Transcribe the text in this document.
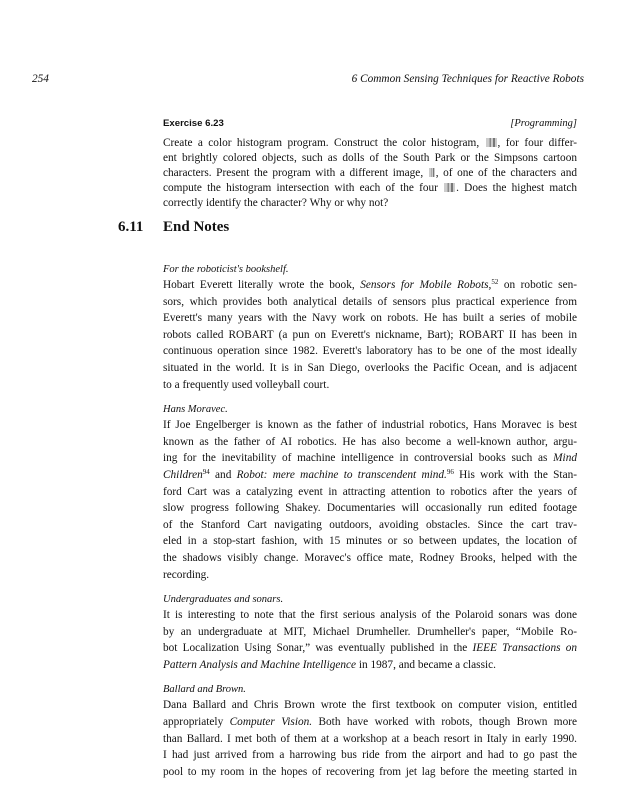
254	6 Common Sensing Techniques for Reactive Robots
Exercise 6.23	[Programming]
Create a color histogram program. Construct the color histogram, , for four differ-
ent brightly colored objects, such as dolls of the South Park or the Simpsons cartoon
characters. Present the program with a different image, , of one of the characters and
compute the histogram intersection with each of the four . Does the highest match
correctly identify the character? Why or why not?
6.11 End Notes
For the roboticist's bookshelf.
Hobart Everett literally wrote the book, Sensors for Mobile Robots,$^{52}$ on robotic sen-
sors, which provides both analytical details of sensors plus practical experience from
Everett's many years with the Navy work on robots. He has built a series of mobile
robots called ROBART (a pun on Everett's nickname, Bart); ROBART II has been in
continuous operation since 1982. Everett's laboratory has to be one of the most ideally
situated in the world. It is in San Diego, overlooks the Pacific Ocean, and is adjacent
to a frequently used volleyball court.
Hans Moravec.
If Joe Engelberger is known as the father of industrial robotics, Hans Moravec is best
known as the father of AI robotics. He has also become a well-known author, argu-
ing for the inevitability of machine intelligence in controversial books such as Mind
Children$^{94}$ and Robot: mere machine to transcendent mind.$^{96}$ His work with the Stan-
ford Cart was a catalyzing event in attracting attention to robotics after the years of
slow progress following Shakey. Documentaries will occasionally run edited footage
of the Stanford Cart navigating outdoors, avoiding obstacles. Since the cart trav-
eled in a stop-start fashion, with 15 minutes or so between updates, the location of
the shadows visibly change. Moravec's office mate, Rodney Brooks, helped with the
recording.
Undergraduates and sonars.
It is interesting to note that the first serious analysis of the Polaroid sonars was done
by an undergraduate at MIT, Michael Drumheller. Drumheller's paper, “Mobile Ro-
bot Localization Using Sonar,” was eventually published in the IEEE Transactions on
Pattern Analysis and Machine Intelligence in 1987, and became a classic.
Ballard and Brown.
Dana Ballard and Chris Brown wrote the first textbook on computer vision, entitled
appropriately Computer Vision. Both have worked with robots, though Brown more
than Ballard. I met both of them at a workshop at a beach resort in Italy in early 1990.
I had just arrived from a harrowing bus ride from the airport and had to go past the
pool to my room in the hopes of recovering from jet lag before the meeting started in
